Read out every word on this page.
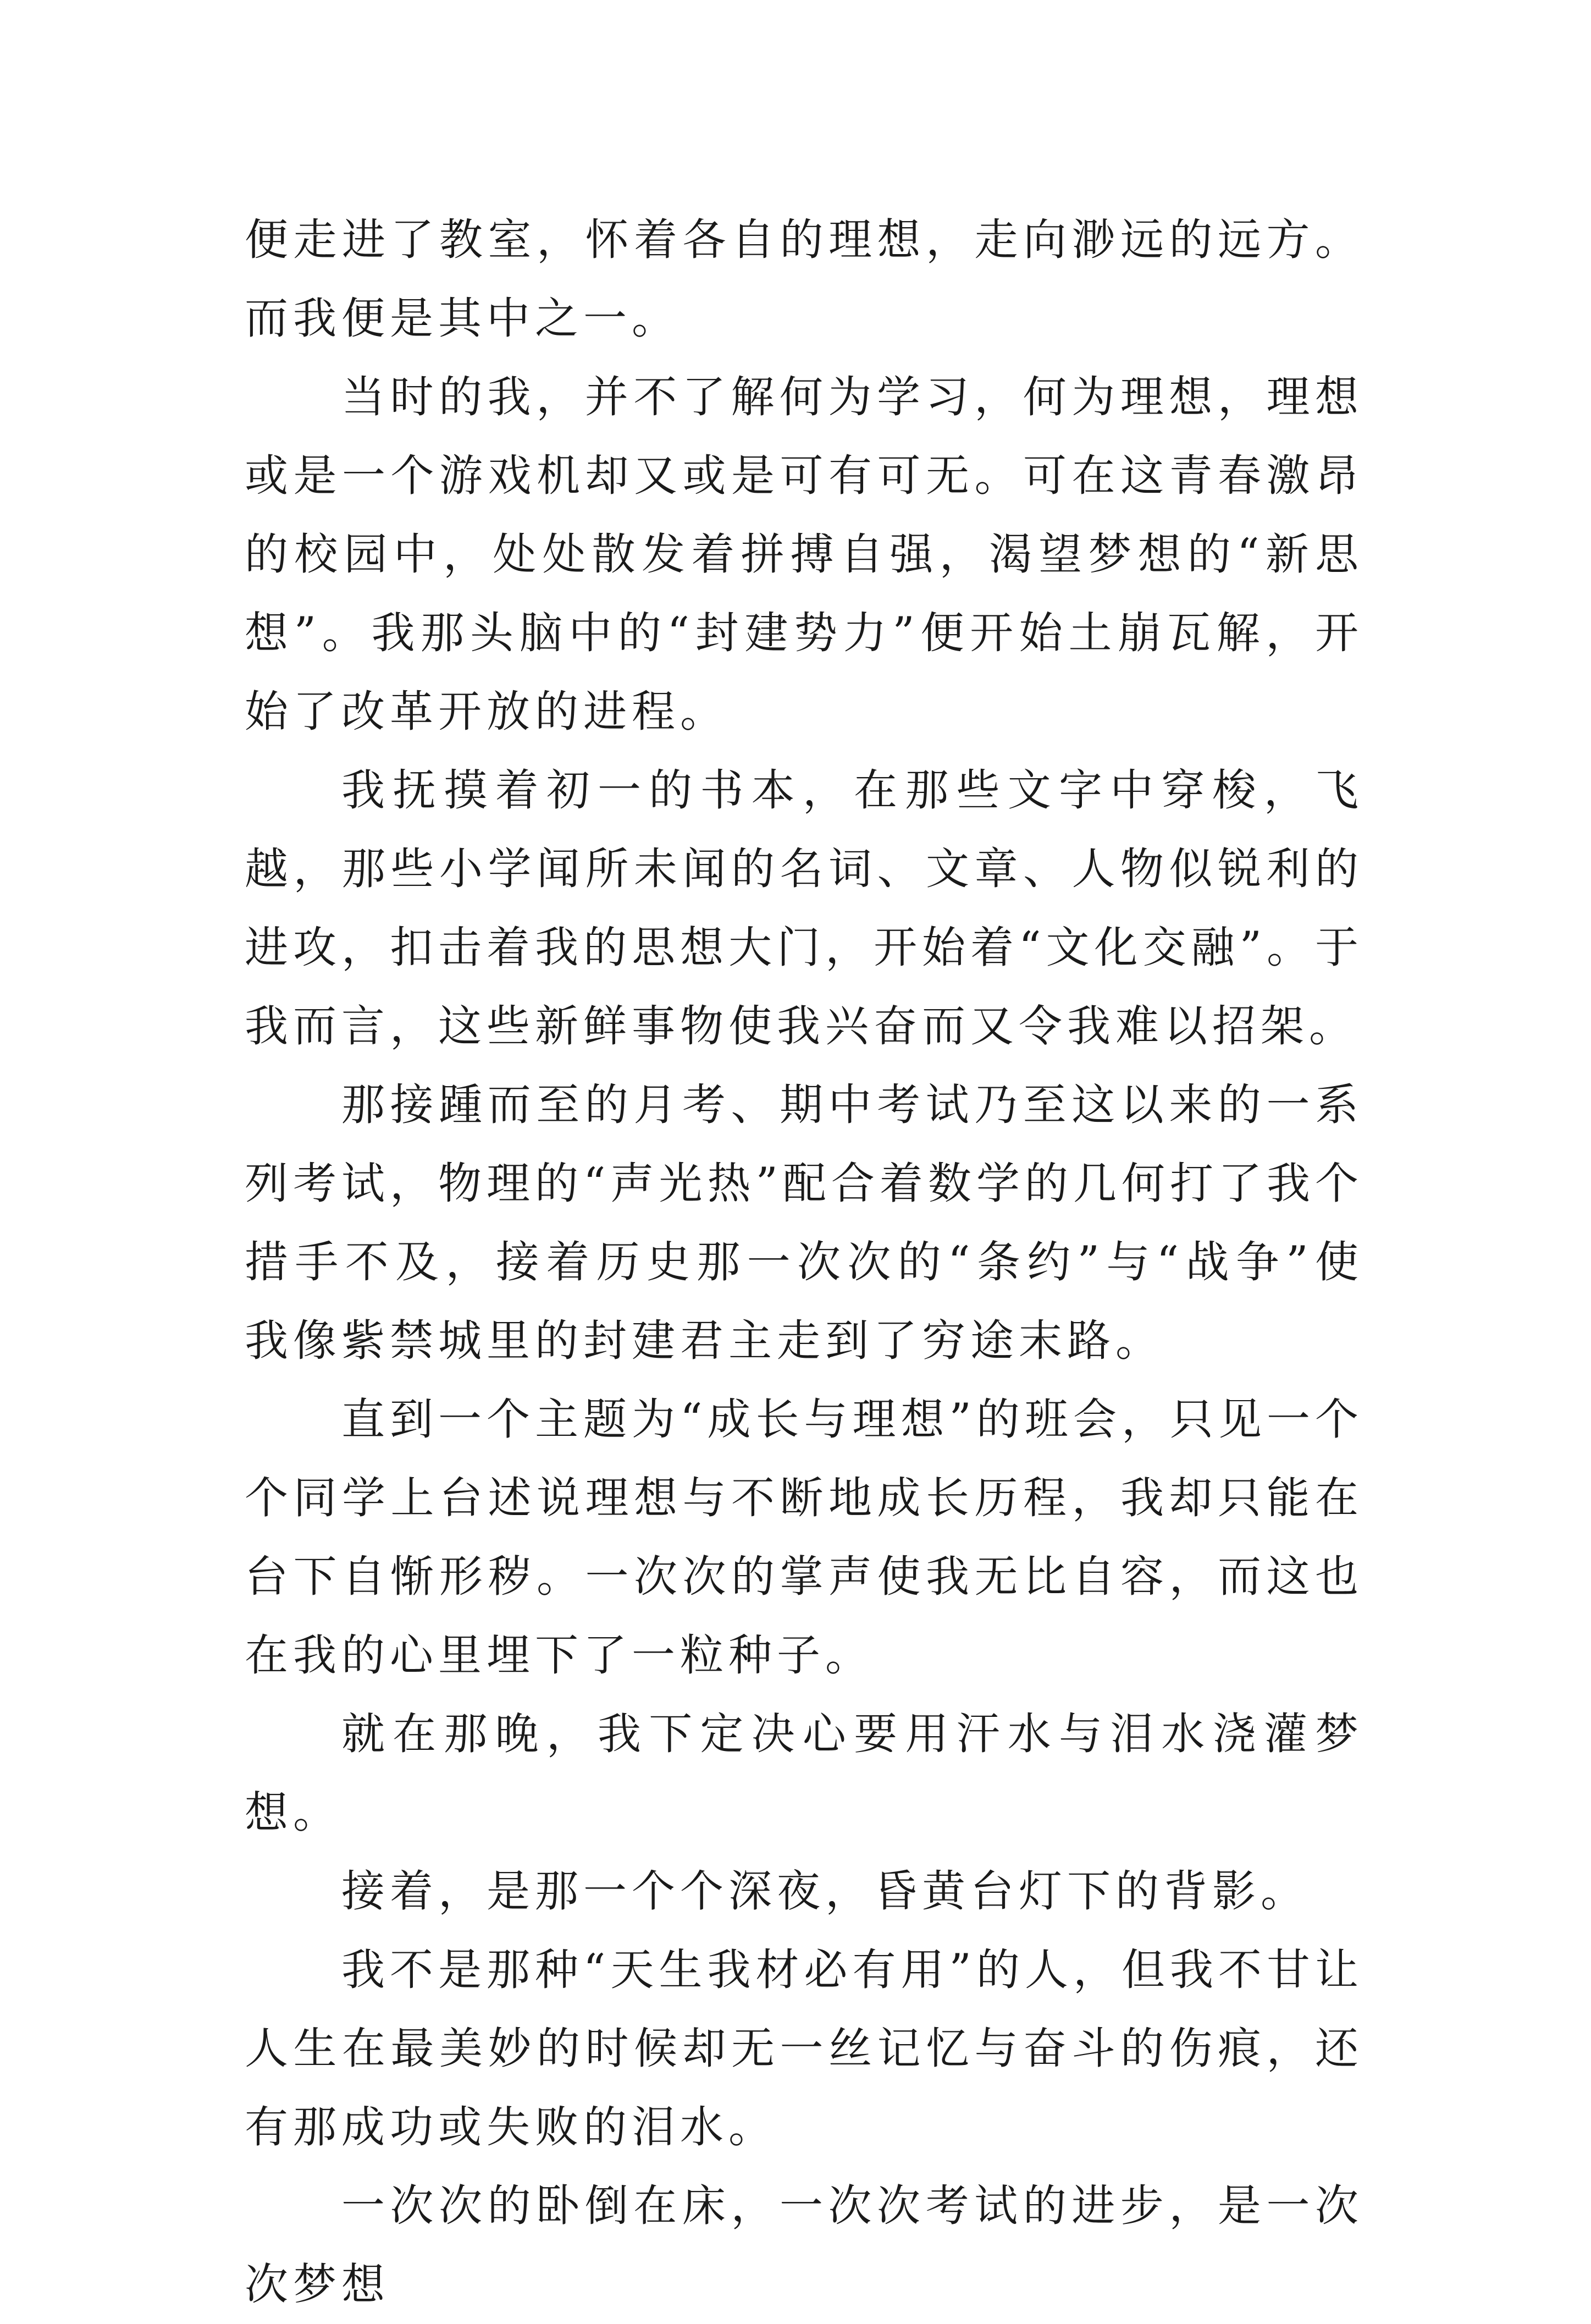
便走进了教室，怀着各自的理想，走向渺远的远方。而我便是其中之一。

当时的我，并不了解何为学习，何为理想，理想或是一个游戏机却又或是可有可无。可在这青春激昂的校园中，处处散发着拼搏自强，渴望梦想的“新思想”。我那头脑中的“封建势力”便开始土崩瓦解，开始了改革开放的进程。

我抚摸着初一的书本，在那些文字中穿梭，飞越，那些小学闻所未闻的名词、文章、人物似锐利的进攻，扣击着我的思想大门，开始着“文化交融”。于我而言，这些新鲜事物使我兴奋而又令我难以招架。

那接踵而至的月考、期中考试乃至这以来的一系列考试，物理的“声光热”配合着数学的几何打了我个措手不及，接着历史那一次次的“条约”与“战争”使我像紫禁城里的封建君主走到了穷途末路。

直到一个主题为“成长与理想”的班会，只见一个个同学上台述说理想与不断地成长历程，我却只能在台下自惭形秽。一次次的掌声使我无比自容，而这也在我的心里埋下了一粒种子。

就在那晚，我下定决心要用汗水与泪水浇灌梦想。

接着，是那一个个深夜，昏黄台灯下的背影。

我不是那种“天生我材必有用”的人，但我不甘让人生在最美妙的时候却无一丝记忆与奋斗的伤痕，还有那成功或失败的泪水。

一次次的卧倒在床，一次次考试的进步，是一次次梦想
